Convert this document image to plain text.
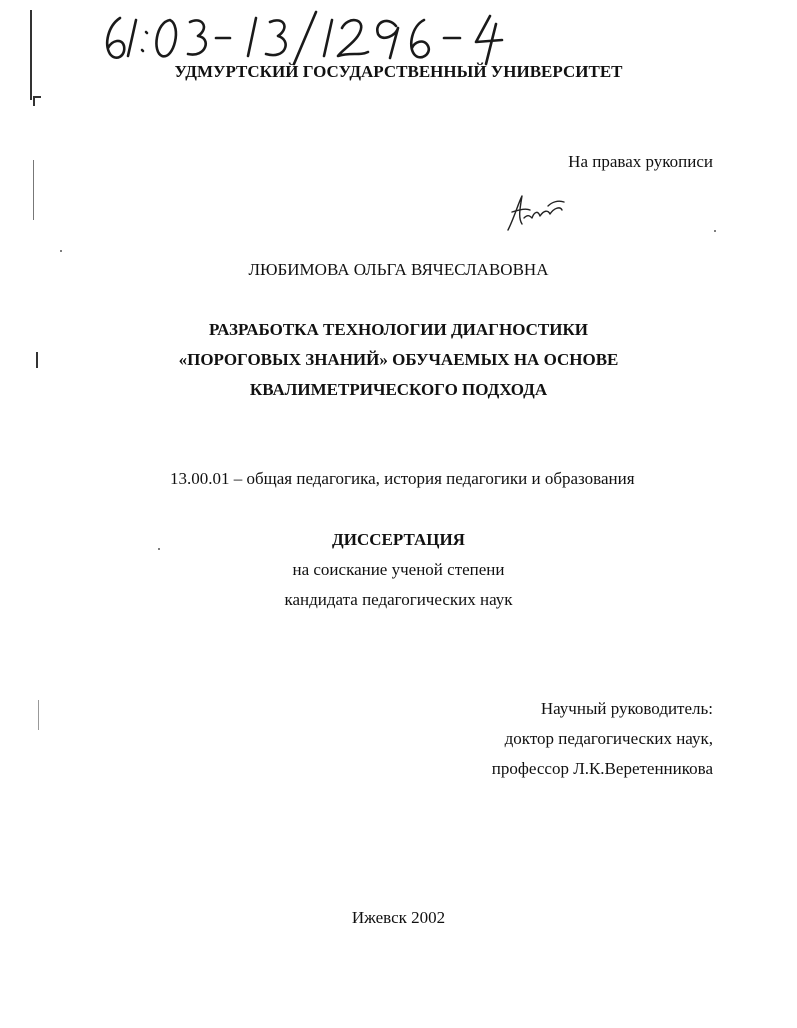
УДМУРТСКИЙ ГОСУДАРСТВЕННЫЙ УНИВЕРСИТЕТ
На правах рукописи
ЛЮБИМОВА ОЛЬГА ВЯЧЕСЛАВОВНА
РАЗРАБОТКА ТЕХНОЛОГИИ ДИАГНОСТИКИ
«ПОРОГОВЫХ ЗНАНИЙ» ОБУЧАЕМЫХ НА ОСНОВЕ
КВАЛИМЕТРИЧЕСКОГО ПОДХОДА
13.00.01 – общая педагогика, история педагогики и образования
ДИССЕРТАЦИЯ
на соискание ученой степени
кандидата педагогических наук
Научный руководитель:
доктор педагогических наук,
профессор Л.К.Веретенникова
Ижевск 2002
